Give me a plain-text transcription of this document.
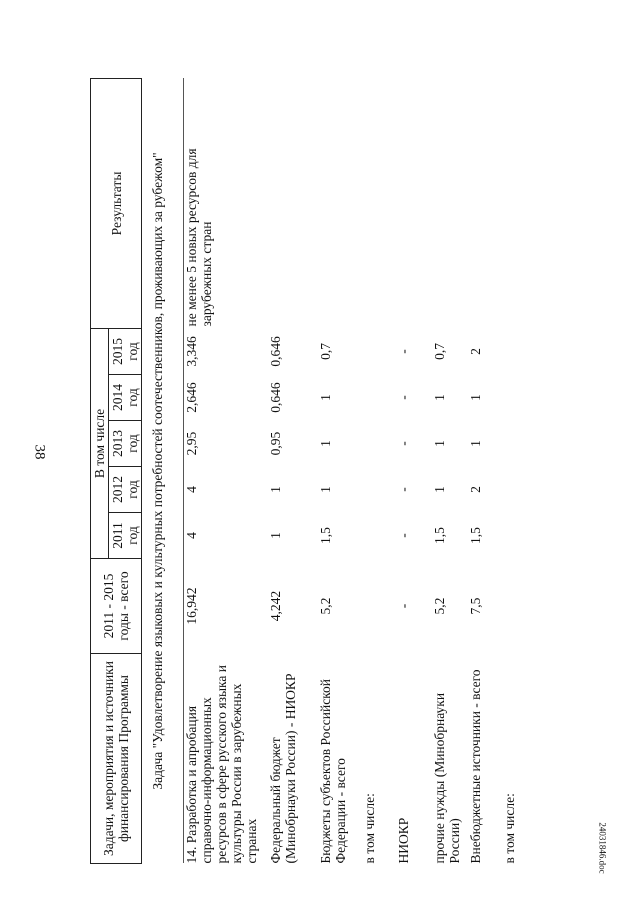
38
24031846.doc
Задачи, мероприятия и источники финансирования Программы	2011 - 2015 годы - всего	В том числе					Результаты
		2011 год	2012 год	2013 год	2014 год	2015 год	
Задача "Удовлетворение языковых и культурных потребностей соотечественников, проживающих за рубежом"							
14. Разработка и апробация справочно-информационных ресурсов в сфере русского языка и культуры России в зарубежных странах	16,942	4	4	2,95	2,646	3,346	не менее 5 новых ресурсов для зарубежных стран
Федеральный бюджет (Минобрнауки России) - НИОКР	4,242	1	1	0,95	0,646	0,646	
Бюджеты субъектов Российской Федерации - всего	5,2	1,5	1	1	1	0,7	
в том числе:							
НИОКР	-	-	-	-	-	-	
прочие нужды (Минобрнауки России)	5,2	1,5	1	1	1	0,7	
Внебюджетные источники - всего	7,5	1,5	2	1	1	2	
в том числе:							
